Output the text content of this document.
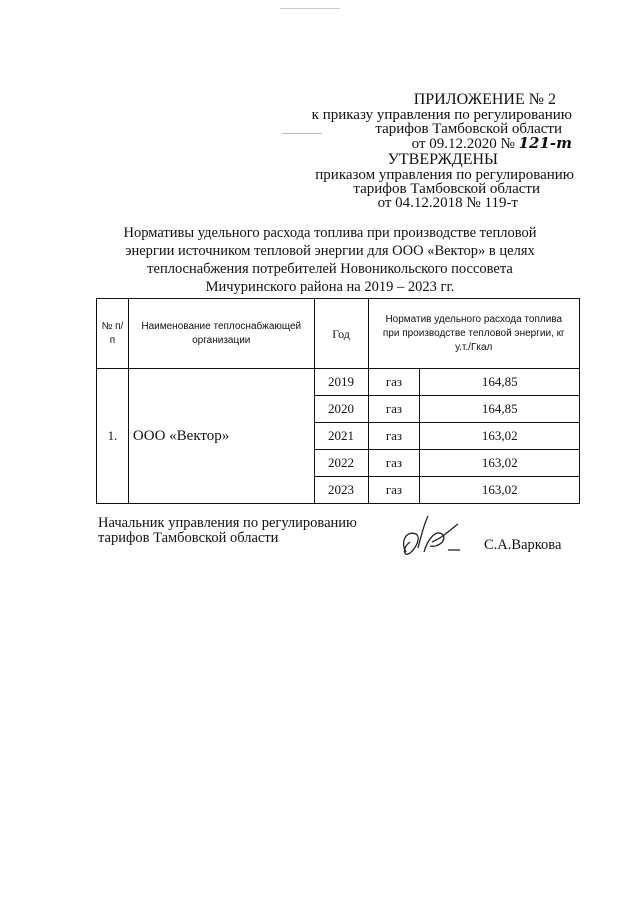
ПРИЛОЖЕНИЕ № 2
к приказу управления по регулированию
тарифов Тамбовской области
от 09.12.2020 № 121-т
УТВЕРЖДЕНЫ
приказом управления по регулированию
тарифов Тамбовской области
от 04.12.2018 № 119-т
Нормативы удельного расхода топлива при производстве тепловой энергии источником тепловой энергии для ООО «Вектор» в целях теплоснабжения потребителей Новоникольского поссовета Мичуринского района на 2019 – 2023 гг.
№ п/п	Наименование теплоснабжающей организации	Год	Норматив удельного расхода топлива при производстве тепловой энергии, кг у.т./Гкал	
1.	ООО «Вектор»	2019	газ	164,85
		2020	газ	164,85
		2021	газ	163,02
		2022	газ	163,02
		2023	газ	163,02
Начальник управления по регулированию
тарифов Тамбовской области	С.А.Варкова
